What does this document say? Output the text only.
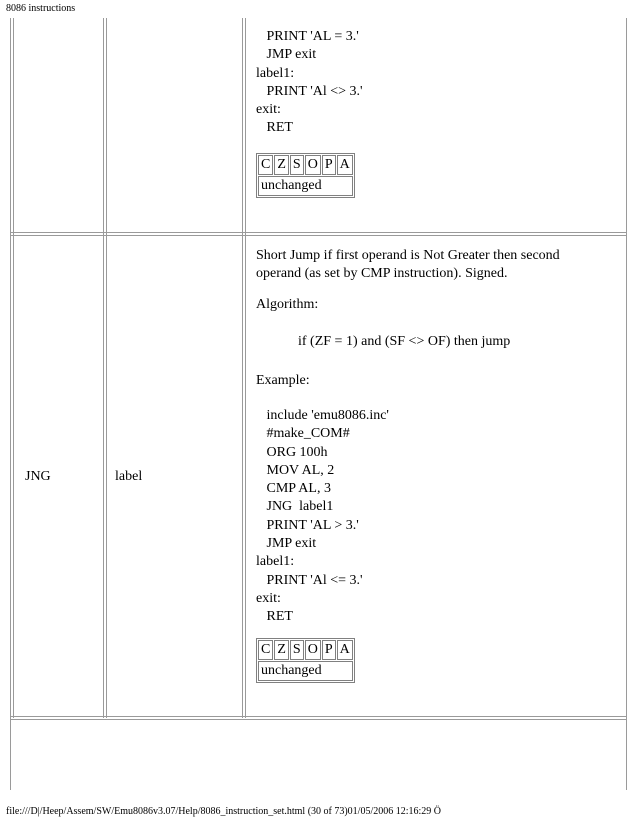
8086 instructions
PRINT 'AL = 3.'
JMP exit
label1:
PRINT 'Al <> 3.'
exit:
RET
C	Z	S	O	P	A
unchanged
JNG	label
Short Jump if first operand is Not Greater then second operand (as set by CMP instruction). Signed.
Algorithm:
if (ZF = 1) and (SF <> OF) then jump
Example:
include 'emu8086.inc'
#make_COM#
ORG 100h
MOV AL, 2
CMP AL, 3
JNG  label1
PRINT 'AL > 3.'
JMP exit
label1:
PRINT 'Al <= 3.'
exit:
RET
C	Z	S	O	P	A
unchanged
file:///D|/Heep/Assem/SW/Emu8086v3.07/Help/8086_instruction_set.html (30 of 73)01/05/2006 12:16:29 Ö
